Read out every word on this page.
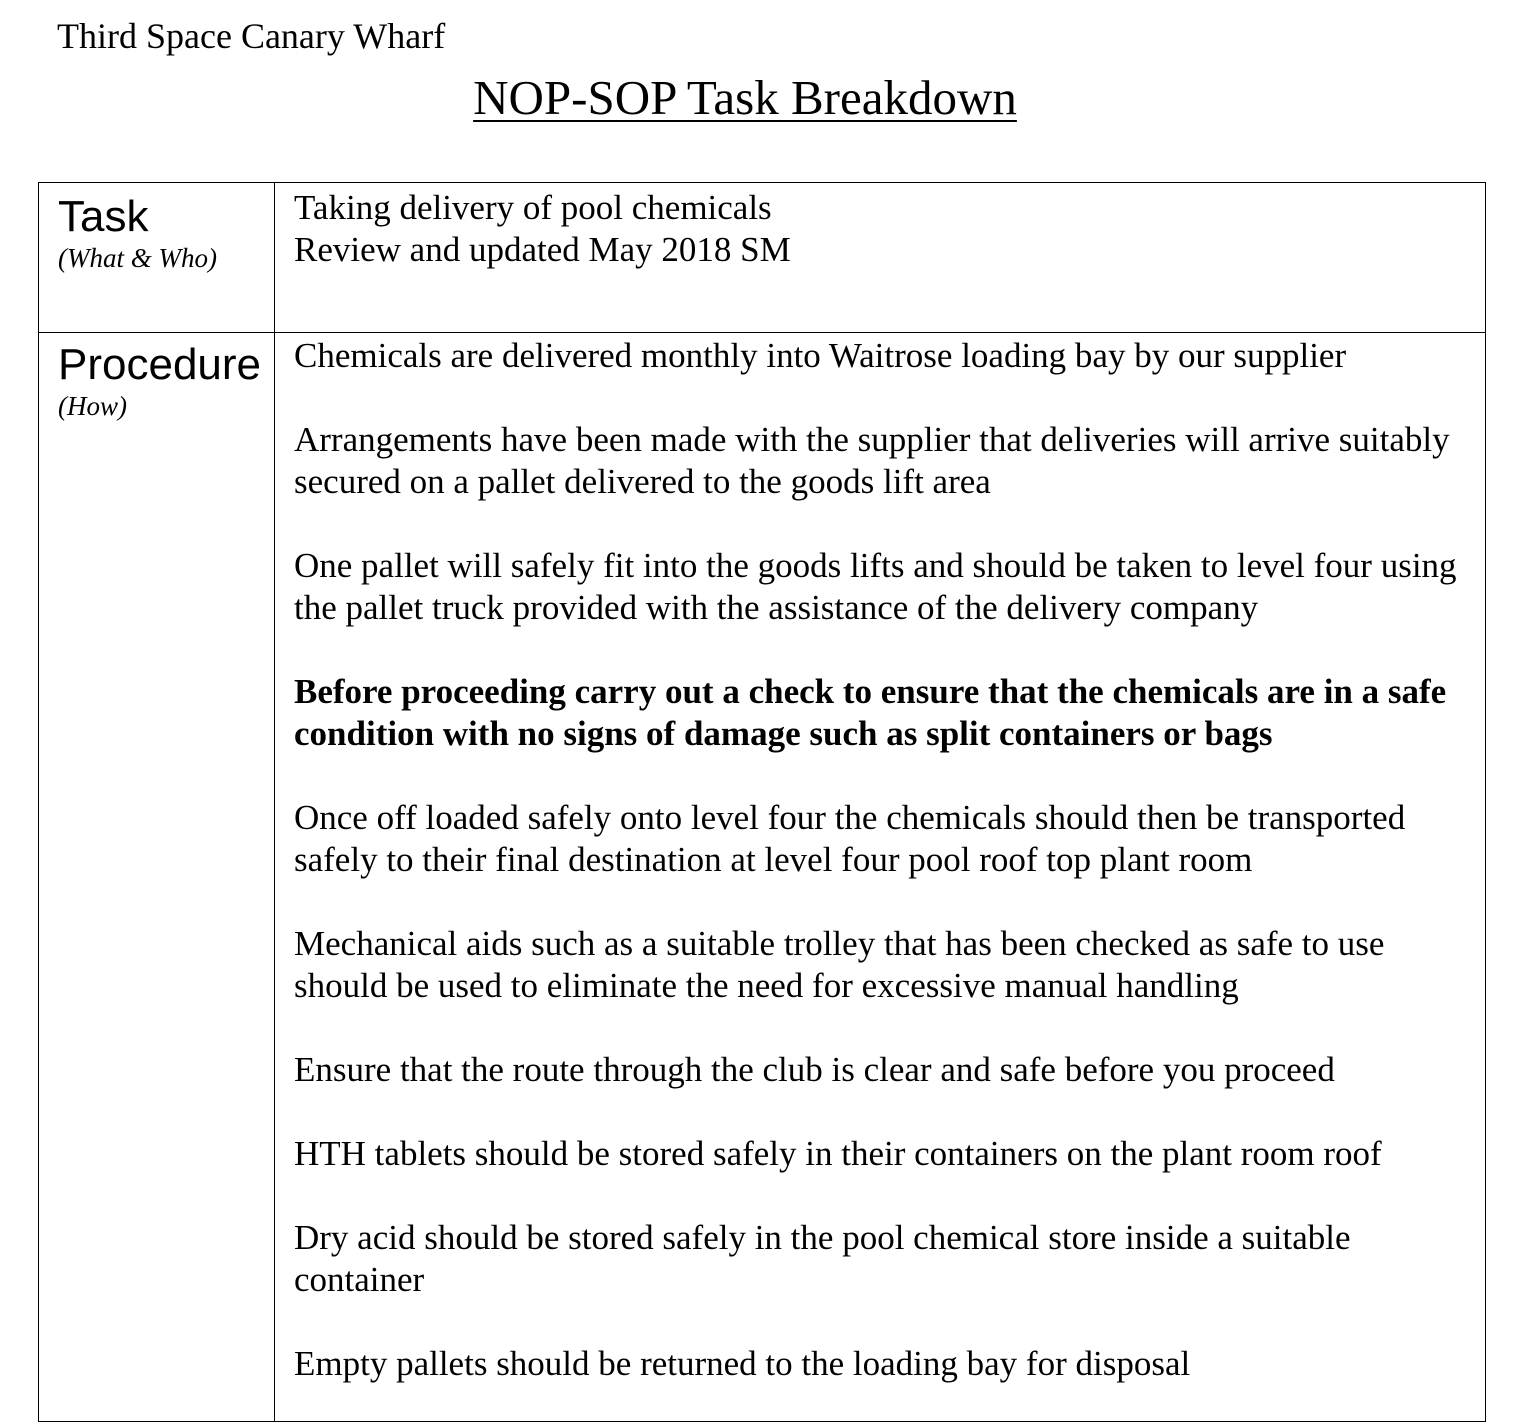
Third Space Canary Wharf
NOP-SOP Task Breakdown
Task
(What & Who)
Taking delivery of pool chemicals
Review and updated May 2018 SM
Procedure
(How)

Chemicals are delivered monthly into Waitrose loading bay by our supplier

Arrangements have been made with the supplier that deliveries will arrive suitably secured on a pallet delivered to the goods lift area

One pallet will safely fit into the goods lifts and should be taken to level four using the pallet truck provided with the assistance of the delivery company

Before proceeding carry out a check to ensure that the chemicals are in a safe condition with no signs of damage such as split containers or bags

Once off loaded safely onto level four the chemicals should then be transported safely to their final destination at level four pool roof top plant room

Mechanical aids such as a suitable trolley that has been checked as safe to use should be used to eliminate the need for excessive manual handling

Ensure that the route through the club is clear and safe before you proceed

HTH tablets should be stored safely in their containers on the plant room roof

Dry acid should be stored safely in the pool chemical store inside a suitable container

Empty pallets should be returned to the loading bay for disposal
